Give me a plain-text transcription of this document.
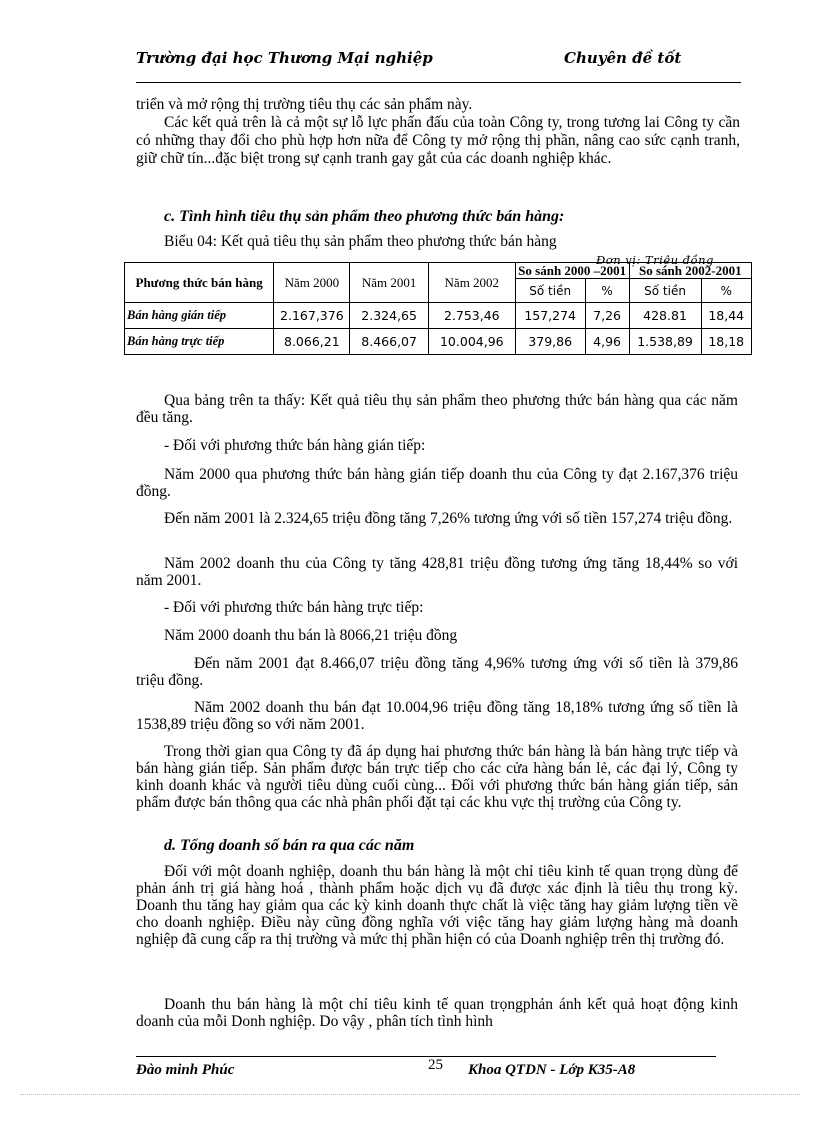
Trường đại học Thương Mại nghiệp	Chuyên đề tốt

triển và mở rộng thị trường tiêu thụ các sản phẩm này.

Các kết quả trên là cả một sự lỗ lực phấn đấu của toàn Công ty, trong tương lai Công ty cần có những thay đổi cho phù hợp hơn nữa để Công ty mở rộng thị phần, nâng cao sức cạnh tranh, giữ chữ tín...đặc biệt trong sự cạnh tranh gay gắt của các doanh nghiệp khác.

c. Tình hình tiêu thụ sản phẩm theo phương thức bán hàng:

Biểu 04: Kết quả tiêu thụ sản phẩm theo phương thức bán hàng

Đơn vị: Triệu đồng
Phương thức bán hàng	Năm 2000	Năm 2001	Năm 2002	So sánh 2000 –2001		So sánh 2002-2001	
				Số tiền	%	Số tiền	%
Bán hàng gián tiếp	2.167,376	2.324,65	2.753,46	157,274	7,26	428.81	18,44
Bán hàng trực tiếp	8.066,21	8.466,07	10.004,96	379,86	4,96	1.538,89	18,18

Qua bảng trên ta thấy: Kết quả tiêu thụ sản phẩm theo phương thức bán hàng qua các năm đều tăng.

- Đối với phương thức bán hàng gián tiếp:

Năm 2000 qua phương thức bán hàng gián tiếp doanh thu của Công ty đạt 2.167,376 triệu đồng.

Đến năm 2001 là 2.324,65 triệu đồng tăng 7,26% tương ứng với số tiền 157,274 triệu đồng.

Năm 2002 doanh thu của Công ty tăng 428,81 triệu đồng tương ứng tăng 18,44% so với năm 2001.

- Đối với phương thức bán hàng trực tiếp:

Năm 2000 doanh thu bán là 8066,21 triệu đồng

Đến năm 2001 đạt 8.466,07 triệu đồng tăng 4,96% tương ứng với số tiền là 379,86 triệu đồng.

Năm 2002 doanh thu bán đạt 10.004,96 triệu đồng tăng 18,18% tương ứng số tiền là 1538,89 triệu đồng so với năm 2001.

Trong thời gian qua Công ty đã áp dụng hai phương thức bán hàng là bán hàng trực tiếp và bán hàng gián tiếp. Sản phẩm được bán trực tiếp cho các cửa hàng bán lẻ, các đại lý, Công ty kinh doanh khác và người tiêu dùng cuối cùng... Đối với phương thức bán hàng gián tiếp, sản phẩm được bán thông qua các nhà phân phối đặt tại các khu vực thị trường của Công ty.

d. Tổng doanh số bán ra qua các năm

Đối với một doanh nghiệp, doanh thu bán hàng là một chỉ tiêu kinh tế quan trọng dùng để phản ánh trị giá hàng hoá , thành phẩm hoặc dịch vụ đã được xác định là tiêu thụ trong kỳ. Doanh thu tăng hay giảm qua các kỳ kinh doanh thực chất là việc tăng hay giảm lượng tiền về cho doanh nghiệp. Điều này cũng đồng nghĩa với việc tăng hay giảm lượng hàng mà doanh nghiệp đã cung cấp ra thị trường và mức thị phần hiện có của Doanh nghiệp trên thị trường đó.

Doanh thu bán hàng là một chỉ tiêu kinh tế quan trọngphản ánh kết quả hoạt động kinh doanh của mỗi Donh nghiệp. Do vậy , phân tích tình hình

Đào minh Phúc	25 Khoa QTDN - Lớp K35-A8
